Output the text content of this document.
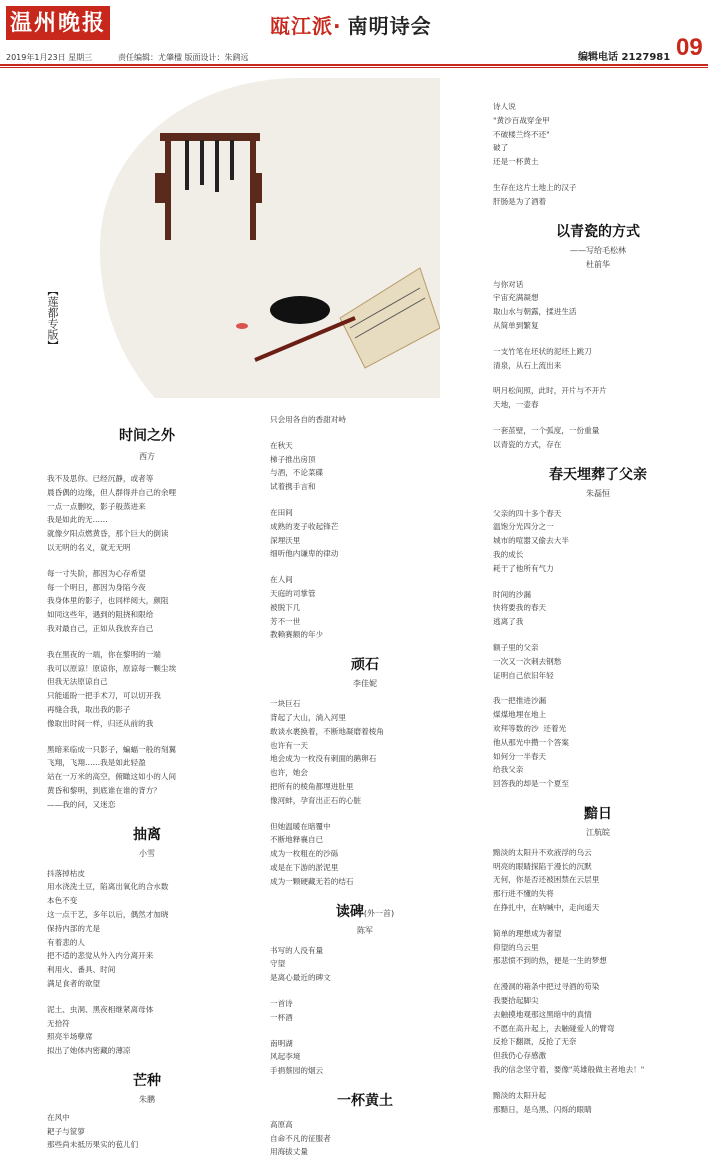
温州晚报	瓯江派· 南明诗会
09
2019年1月23日 星期三	责任编辑：尤肇楹 版面设计：朱鹞远	编辑电话 2127981
【莲都专版】
时间之外
西方
我不及思你。已经沉静，或者等
晨昏偶的边缘，但人群得并自己的余哩
一点一点删咬，影子般蒸进来
我是如此的无……
就像夕阳点燃黄昏，那个巨大的倒读
以无明的名义，就无无明
每一寸失阶，都因为心存希望
每一个明日，都因为身陷今夜
我身体里的影子，也同样阅大，颜阻
如同这些年，遇到的阻挠和限给
我对最自己，正如从我放弃自己
我在黑夜的一端，你在黎明的一端
我可以原谅！原谅你，原谅每一颗尘埃
但我无法原谅自己
只能遥盼一把手术刀，可以切开我
再缝合我，取出我的影子
像取出时间一样，归还从前的我
黑暗来临成一只影子，蝙蝠一般的刻翼
飞翔，飞翔……我是如此轻盈
站在一万米的高空，俯瞰这如小的人间
黄昏和黎明，到底谁在谁的背方？
——我的问，又迷恋
抽离
小雪
抖落掉枯皮
用水浇洗土豆，陷离出氧化的合水数
本色不变
这一点干艺，多年以后，偶然才加晓
保持内部的尤是
有着悲的人
把不适的悲觉从外入内分离开来
利用火、番具、时间
满足食者的欲望
泥土、虫洞、黑夜相继紧离母体
无拾符
照亮半场孽席
拟出了她体内密藏的薄凉
芒种
朱鹏
在风中
耙子与筐箩
那些尚未抵历果实的苞儿们
只会用各自的香甜对峙
在秋天
梯子推出房顶
与酒，不论菜碟
试着携手言和
在田间
成熟的麦子收起锋芒
深埋沃里
细听他内谦卑的律动
在人间
天庭的司掌管
被脱下几
芳不一世
教赖赛额的年少
顽石
李佳妮
一块巨石
背起了大山，淌入河里
敢谈水裹换着，不断地凝磨着棱角
也许有一天
地会成为一枚没有刺面的鹅卵石
也许，她会
把所有的棱角都埋进肚里
像河蚌，孕育出正石的心脏
但她温暖在暗覆中
不断地释襄自已
成为一枚粗在的沙砾
或是在下游的淤泥里
成为一颗硬藏无若的结石
读碑(外一首)
陈军
书写的人没有量
守望
是离心最近的碑文
一首诗
一杯酒
南明湖
风起李境
手捐蔡园的烟云
一杯黄土
高原高
自命不凡的征服者
用海拔丈量
诗人说
"黄沙百战穿金甲
不破楼兰终不还"
破了
还是一杯黄土
生存在这片土地上的汉子
肝肠是为了酒着
以青瓷的方式
——写给毛松林
杜前华
与你对话
宇宙充满凝想
取山水与朝露，揉进生活
从简单到繁复
一支竹笔在坯状的泥坯上跳刀
清泉，从石上流出来
明月松间照，此时，开片与不开片
天地，一壶春
一套茧壁，一个弧度，一份重量
以青瓷的方式，存在
春天埋葬了父亲
朱磊恒
父亲的四十多个春天
温饱分光四分之一
城市的喧嚣又偷去大半
我的成长
耗干了他所有气力
时间的沙漏
快将要我的春天
逃离了我
额子里的父亲
一次又一次刺去钢愁
证明自己依旧年轻
我一把推进沙漏
煤煤地埋在地上
欢拜等数的沙  还着光
他从那光中攒一个答案
如何分一半春天
给我父亲
回答我的却是一个夏至
黯日
江航皖
黯淡的太阳升不欢液浮的乌云
明亮的眼睛探陷于漫长的沉默
无何，你是否还被困禁在云层里
那行进不懂的失将
在挣扎中，在呐喊中，走向遥天
简单的理想成为奢望
仰望的乌云里
那悲愤不到的热，便是一生的梦想
在漫洞的箱条中把过寻酒的苟染
我要拾起脚尖
去触摸地观那这黑暗中的真情
不愿在高升起上，去触碰爱人的臂弯
反抢下翻溉，反抢了无奈
但我仍心存感激
我的信念坚守着，要像"英雄般做主者地去！"
黯淡的太阳升起
那黯日，是乌黑、闪烁的眼睛
